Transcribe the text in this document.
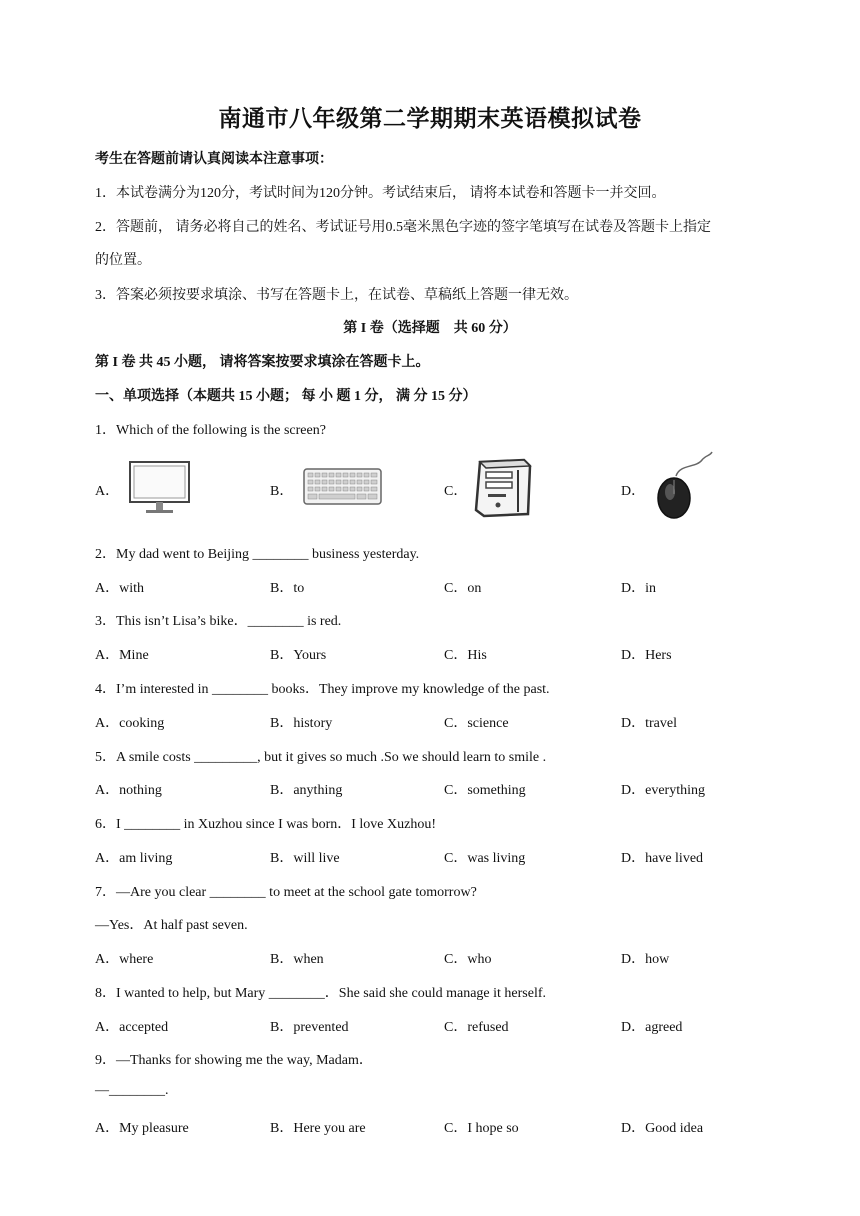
南通市八年级第二学期期末英语模拟试卷
考生在答题前请认真阅读本注意事项：
1．本试卷满分为120分，考试时间为120分钟。考试结束后， 请将本试卷和答题卡一并交回。
2．答题前， 请务必将自己的姓名、考试证号用0.5毫米黑色字迹的签字笔填写在试卷及答题卡上指定
的位置。
3．答案必须按要求填涂、书写在答题卡上，在试卷、草稿纸上答题一律无效。
第 I 卷（选择题　共 60 分）
第 I 卷 共 45 小题， 请将答案按要求填涂在答题卡上。
一、单项选择（本题共 15 小题； 每 小 题 1 分， 满 分 15 分）
1．Which of the following is the screen?
A．	B．	C．	D．
2．My dad went to Beijing ________ business yesterday.
A．with	B．to	C．on	D．in
3．This isn’t Lisa’s bike．________ is red.
A．Mine	B．Yours	C．His	D．Hers
4．I’m interested in ________ books．They improve my knowledge of the past.
A．cooking	B．history	C．science	D．travel
5．A smile costs _________, but it gives so much .So we should learn to smile .
A．nothing	B．anything	C．something	D．everything
6．I ________ in Xuzhou since I was born．I love Xuzhou!
A．am living	B．will live	C．was living	D．have lived
7．—Are you clear ________ to meet at the school gate tomorrow?
—Yes．At half past seven.
A．where	B．when	C．who	D．how
8．I wanted to help, but Mary ________．She said she could manage it herself.
A．accepted	B．prevented	C．refused	D．agreed
9．—Thanks for showing me the way, Madam．
—________.
A．My pleasure	B．Here you are	C．I hope so	D．Good idea
